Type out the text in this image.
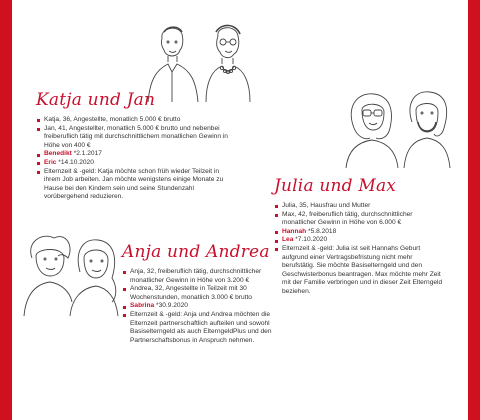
Katja und Jan
Katja, 36, Angestellte, monatlich 5.000 € brutto
Jan, 41, Angestellter, monatlich 5.000 € brutto und nebenbei freiberuflich tätig mit durchschnittlichem monatlichen Gewinn in Höhe von 400 €
Benedikt *2.1.2017
Eric *14.10.2020
Elternzeit & -geld: Katja möchte schon früh wieder Teilzeit in ihrem Job arbeiten. Jan möchte wenigstens einige Monate zu Hause bei den Kindern sein und seine Stundenzahl vorübergehend reduzieren.
Julia und Max
Julia, 35, Hausfrau und Mutter
Max, 42, freiberuflich tätig, durchschnittlicher monatlicher Gewinn in Höhe von 6.000 €
Hannah *5.8.2018
Lea *7.10.2020
Elternzeit & -geld: Julia ist seit Hannahs Geburt aufgrund einer Vertragsbefristung nicht mehr berufstätig. Sie möchte Basiselterngeld und den Geschwisterbonus beantragen. Max möchte mehr Zeit mit der Familie verbringen und in dieser Zeit Elterngeld beziehen.
Anja und Andrea
Anja, 32, freiberuflich tätig, durchschnittlicher monatlicher Gewinn in Höhe von 3.200 €
Andrea, 32, Angestellte in Teilzeit mit 30 Wochenstunden, monatlich 3.000 € brutto
Sabrina *30.9.2020
Elternzeit & -geld: Anja und Andrea möchten die Elternzeit partnerschaftlich aufteilen und sowohl Basiselterngeld als auch ElterngeldPlus und den Partnerschaftsbonus in Anspruch nehmen.
